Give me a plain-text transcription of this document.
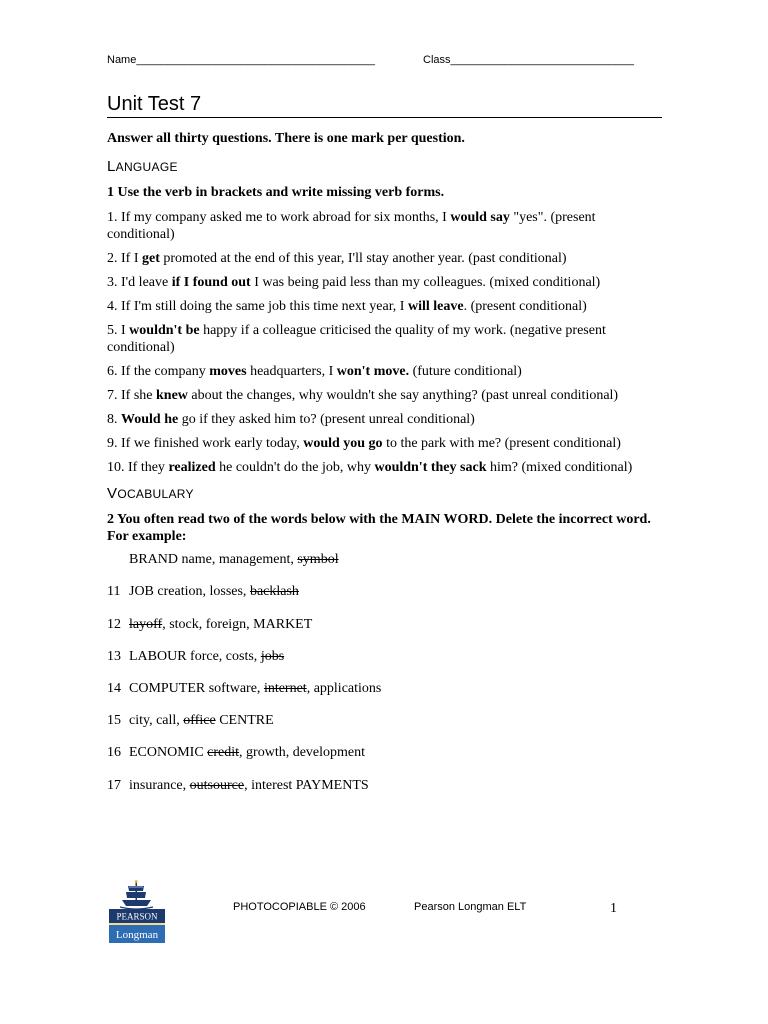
Name_______________________________________	Class______________________________
Unit Test 7
Answer all thirty questions. There is one mark per question.
LANGUAGE
1 Use the verb in brackets and write missing verb forms.
1. If my company asked me to work abroad for six months, I would say "yes". (present conditional)
2. If I get promoted at the end of this year, I'll stay another year. (past conditional)
3. I'd leave if I found out I was being paid less than my colleagues. (mixed conditional)
4. If I'm still doing the same job this time next year, I will leave. (present conditional)
5. I wouldn't be happy if a colleague criticised the quality of my work. (negative present conditional)
6. If the company moves headquarters, I won't move. (future conditional)
7. If she knew about the changes, why wouldn't she say anything? (past unreal conditional)
8. Would he go if they asked him to? (present unreal conditional)
9. If we finished work early today, would you go to the park with me? (present conditional)
10. If they realized he couldn't do the job, why wouldn't they sack him? (mixed conditional)
VOCABULARY
2 You often read two of the words below with the MAIN WORD. Delete the incorrect word.
For example:
BRAND name, management, symbol
11 JOB creation, losses, backlash
12 layoff, stock, foreign, MARKET
13 LABOUR force, costs, jobs
14 COMPUTER software, internet, applications
15 city, call, office CENTRE
16 ECONOMIC credit, growth, development
17 insurance, outsource, interest PAYMENTS
PEARSON
Longman
PHOTOCOPIABLE © 2006	Pearson Longman ELT	1
